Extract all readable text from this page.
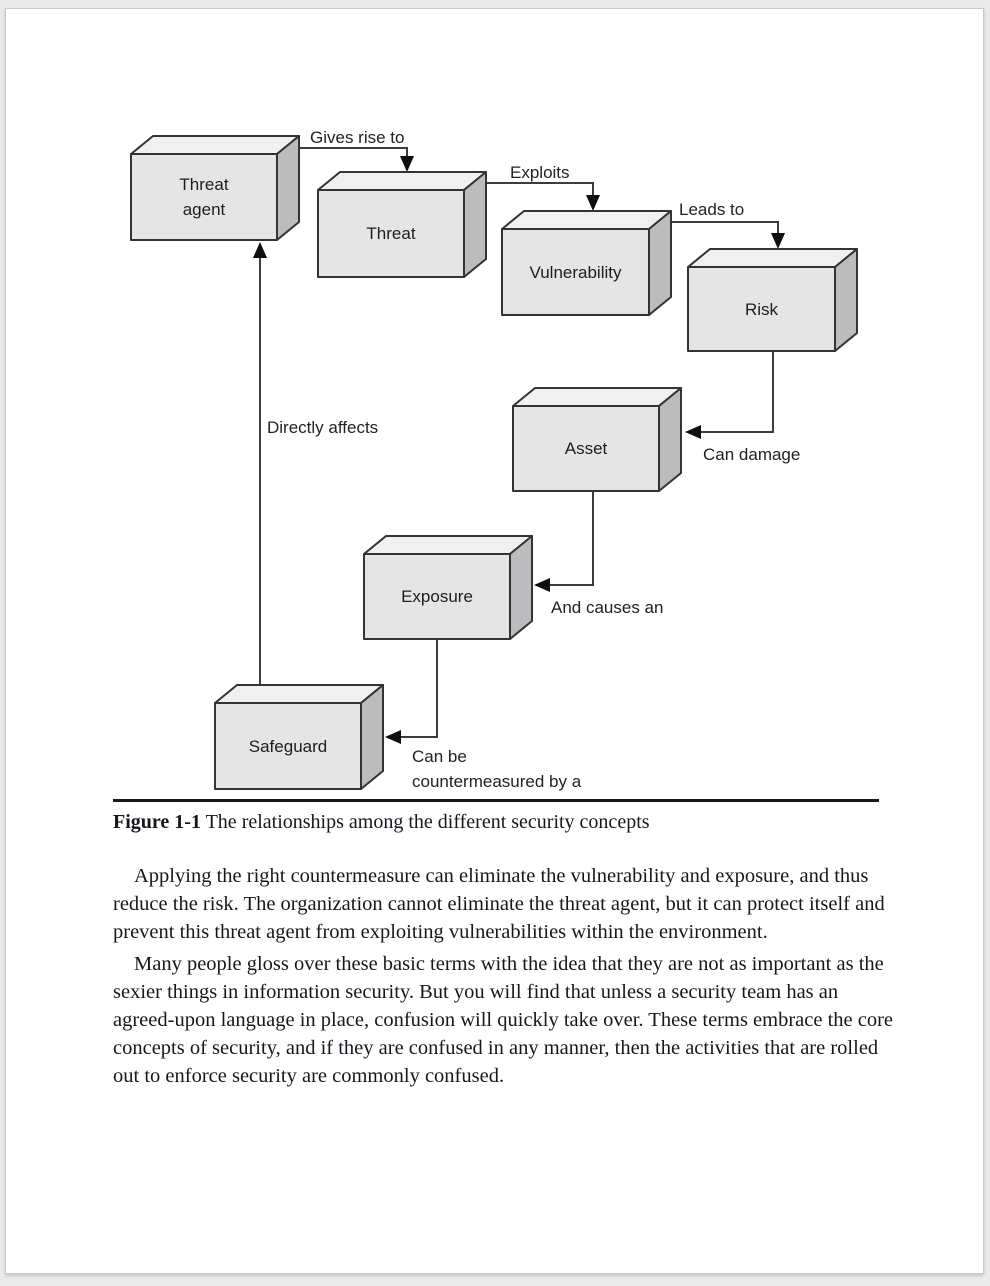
Threat agent
Threat
Vulnerability
Risk
Asset
Exposure
Safeguard
Gives rise to
Exploits
Leads to
Can damage
And causes an
Can be
countermeasured by a
Directly affects

Figure 1-1 The relationships among the different security concepts

Applying the right countermeasure can eliminate the vulnerability and exposure, and thus reduce the risk. The organization cannot eliminate the threat agent, but it can protect itself and prevent this threat agent from exploiting vulnerabilities within the environment.

Many people gloss over these basic terms with the idea that they are not as important as the sexier things in information security. But you will find that unless a security team has an agreed-upon language in place, confusion will quickly take over. These terms embrace the core concepts of security, and if they are confused in any manner, then the activities that are rolled out to enforce security are commonly confused.
